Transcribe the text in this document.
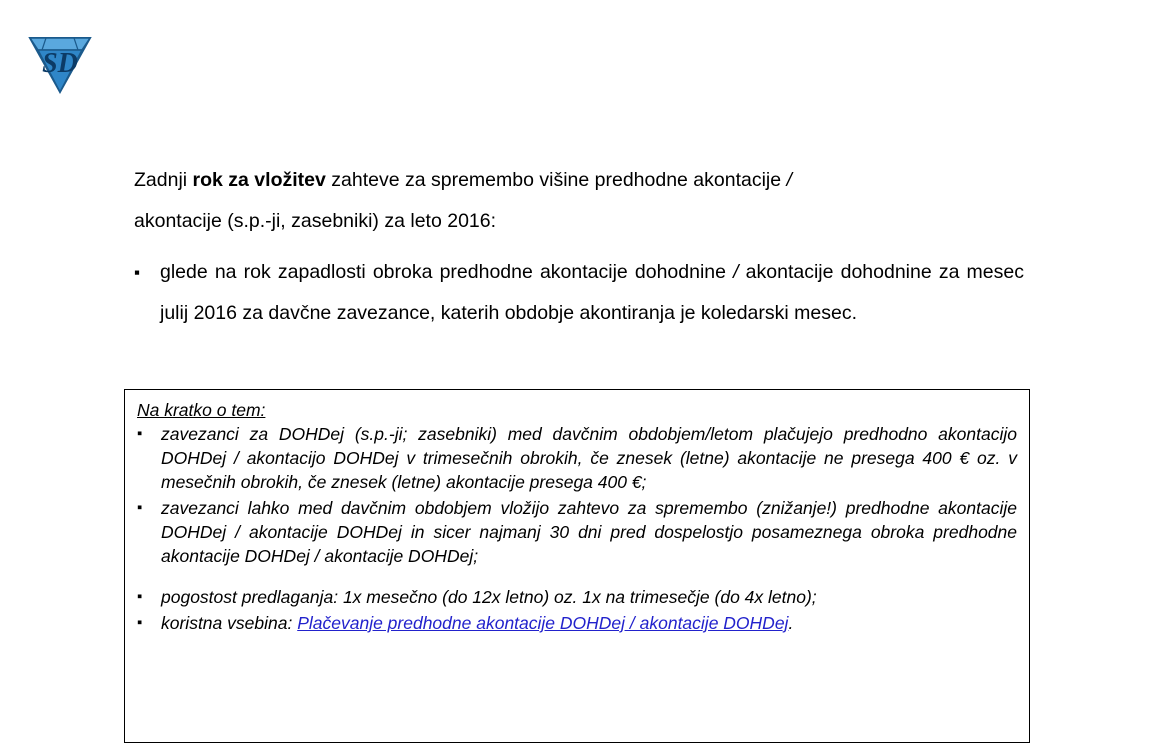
SD

Zadnji rok za vložitev zahteve za spremembo višine predhodne akontacije /

akontacije (s.p.-ji, zasebniki) za leto 2016:

▪	glede na rok zapadlosti obroka predhodne akontacije dohodnine / akontacije dohodnine za mesec julij 2016 za davčne zavezance, katerih obdobje akontiranja je koledarski mesec.

Na kratko o tem:

▪	zavezanci za DOHDej (s.p.-ji; zasebniki) med davčnim obdobjem/letom plačujejo predhodno akontacijo DOHDej / akontacijo DOHDej v trimesečnih obrokih, če znesek (letne) akontacije ne presega 400 € oz. v mesečnih obrokih, če znesek (letne) akontacije presega 400 €;
▪	zavezanci lahko med davčnim obdobjem vložijo zahtevo za spremembo (znižanje!) predhodne akontacije DOHDej / akontacije DOHDej in sicer najmanj 30 dni pred dospelostjo posameznega obroka predhodne akontacije DOHDej / akontacije DOHDej;
▪	pogostost predlaganja: 1x mesečno (do 12x letno) oz. 1x na trimesečje (do 4x letno);
▪	koristna vsebina: Plačevanje predhodne akontacije DOHDej / akontacije DOHDej.
